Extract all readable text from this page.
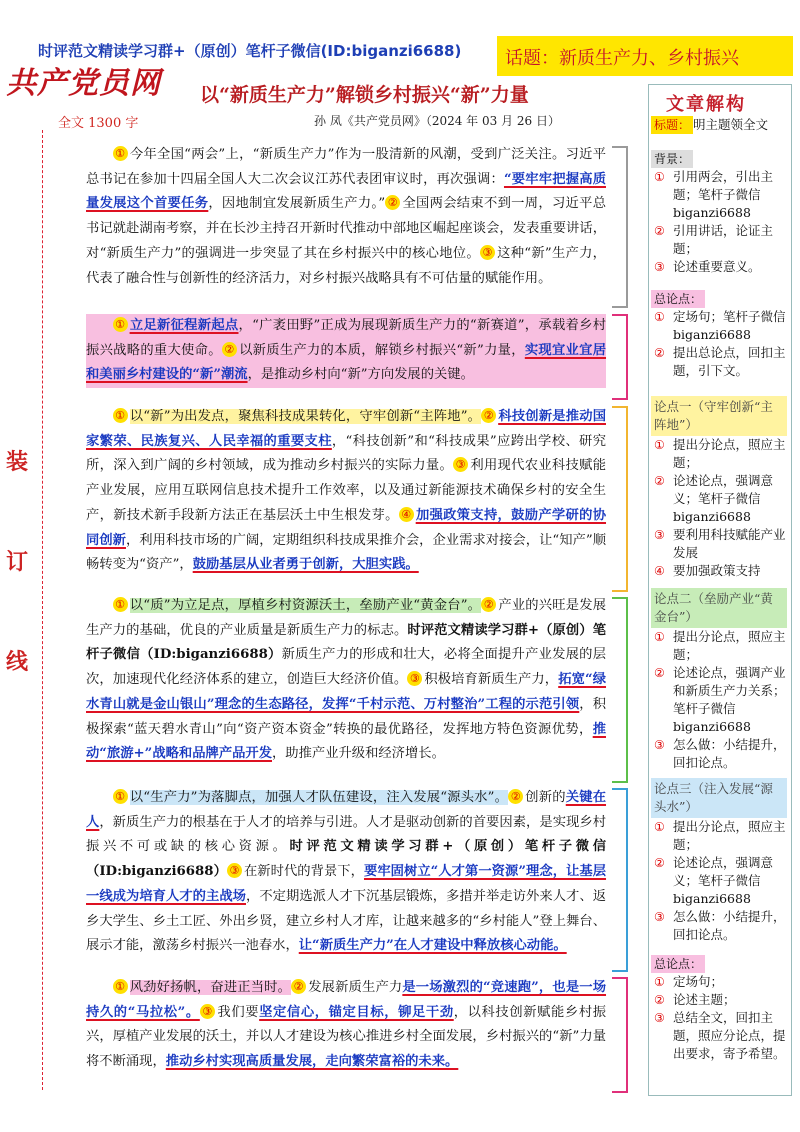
时评范文精读学习群+（原创）笔杆子微信(ID:biganzi6688) 话题：新质生产力、乡村振兴
共产党员网 以“新质生产力”解锁乡村振兴“新”力量
全文 1300 字	孙 凤《共产党员网》（2024 年 03 月 26 日）
装
订
线

  ① 今年全国“两会”上，“新质生产力”作为一股清新的风潮，受到广泛关注。习近平总书记在参加十四届全国人大二次会议江苏代表团审议时，再次强调：“要牢牢把握高质量发展这个首要任务，因地制宜发展新质生产力。” ② 全国两会结束不到一周，习近平总书记就赴湖南考察，并在长沙主持召开新时代推动中部地区崛起座谈会，发表重要讲话，对“新质生产力”的强调进一步突显了其在乡村振兴中的核心地位。 ③ 这种“新”生产力，代表了融合性与创新性的经济活力，对乡村振兴战略具有不可估量的赋能作用。
  ① 立足新征程新起点，“广袤田野”正成为展现新质生产力的“新赛道”，承载着乡村振兴战略的重大使命。 ② 以新质生产力的本质，解锁乡村振兴“新”力量，实现宜业宜居和美丽乡村建设的“新”潮流，是推动乡村向“新”方向发展的关键。
  ① 以“新”为出发点，聚焦科技成果转化，守牢创新“主阵地”。 ② 科技创新是推动国家繁荣、民族复兴、人民幸福的重要支柱，“科技创新”和“科技成果”应跨出学校、研究所，深入到广阔的乡村领域，成为推动乡村振兴的实际力量。 ③ 利用现代农业科技赋能产业发展，应用互联网信息技术提升工作效率，以及通过新能源技术确保乡村的安全生产，新技术新手段新方法正在基层沃土中生根发芽。 ④ 加强政策支持，鼓励产学研的协同创新，利用科技市场的广阔，定期组织科技成果推介会，企业需求对接会，让“知产”顺畅转变为“资产”，鼓励基层从业者勇于创新，大胆实践。
  ① 以“质”为立足点，厚植乡村资源沃土，垒励产业“黄金台”。 ② 产业的兴旺是发展生产力的基础，优良的产业质量是新质生产力的标志。时评范文精读学习群+（原创）笔杆子微信（ID:biganzi6688）新质生产力的形成和壮大，必将全面提升产业发展的层次，加速现代化经济体系的建立，创造巨大经济价值。 ③ 积极培育新质生产力，拓宽“绿水青山就是金山银山”理念的生态路径，发挥“千村示范、万村整治”工程的示范引领，积极探索“蓝天碧水青山”向“资产资本资金”转换的最优路径，发挥地方特色资源优势，推动“旅游+”战略和品牌产品开发，助推产业升级和经济增长。
  ① 以“生产力”为落脚点，加强人才队伍建设，注入发展“源头水”。 ② 创新的关键在人，新质生产力的根基在于人才的培养与引进。人才是驱动创新的首要因素，是实现乡村振兴不可或缺的核心资源。时评范文精读学习群+（原创）笔杆子微信（ID:biganzi6688） ③ 在新时代的背景下，要牢固树立“人才第一资源”理念，让基层一线成为培育人才的主战场，不定期选派人才下沉基层锻炼，多措并举走访外来人才、返乡大学生、乡土工匠、外出乡贤，建立乡村人才库，让越来越多的“乡村能人”登上舞台、展示才能，激荡乡村振兴一池春水，让“新质生产力”在人才建设中释放核心动能。
  ① 风劲好扬帆，奋进正当时。 ② 发展新质生产力是一场激烈的“竞速跑”，也是一场持久的“马拉松”。 ③ 我们要坚定信心，锚定目标，铆足干劲，以科技创新赋能乡村振兴，厚植产业发展的沃土，并以人才建设为核心推进乡村全面发展，乡村振兴的“新”力量将不断涌现，推动乡村实现高质量发展，走向繁荣富裕的未来。
文章解构
标题： 明主题领全文
背景：
① 引用两会，引出主题；笔杆子微信 biganzi6688
② 引用讲话，论证主题；
③ 论述重要意义。
总论点：
① 定场句；笔杆子微信 biganzi6688
② 提出总论点，回扣主题，引下文。
论点一（守牢创新“主阵地”）
① 提出分论点，照应主题；
② 论述论点，强调意义；笔杆子微信 biganzi6688
③ 要利用科技赋能产业发展
④ 要加强政策支持
论点二（垒励产业“黄金台”）
① 提出分论点，照应主题；
② 论述论点，强调产业和新质生产力关系；笔杆子微信 biganzi6688
③ 怎么做：小结提升，回扣论点。
论点三（注入发展“源头水”）
① 提出分论点，照应主题；
② 论述论点，强调意义；笔杆子微信 biganzi6688
③ 怎么做：小结提升，回扣论点。
总论点：
① 定场句；
② 论述主题；
③ 总结全文，回扣主题，照应分论点，提出要求，寄予希望。
